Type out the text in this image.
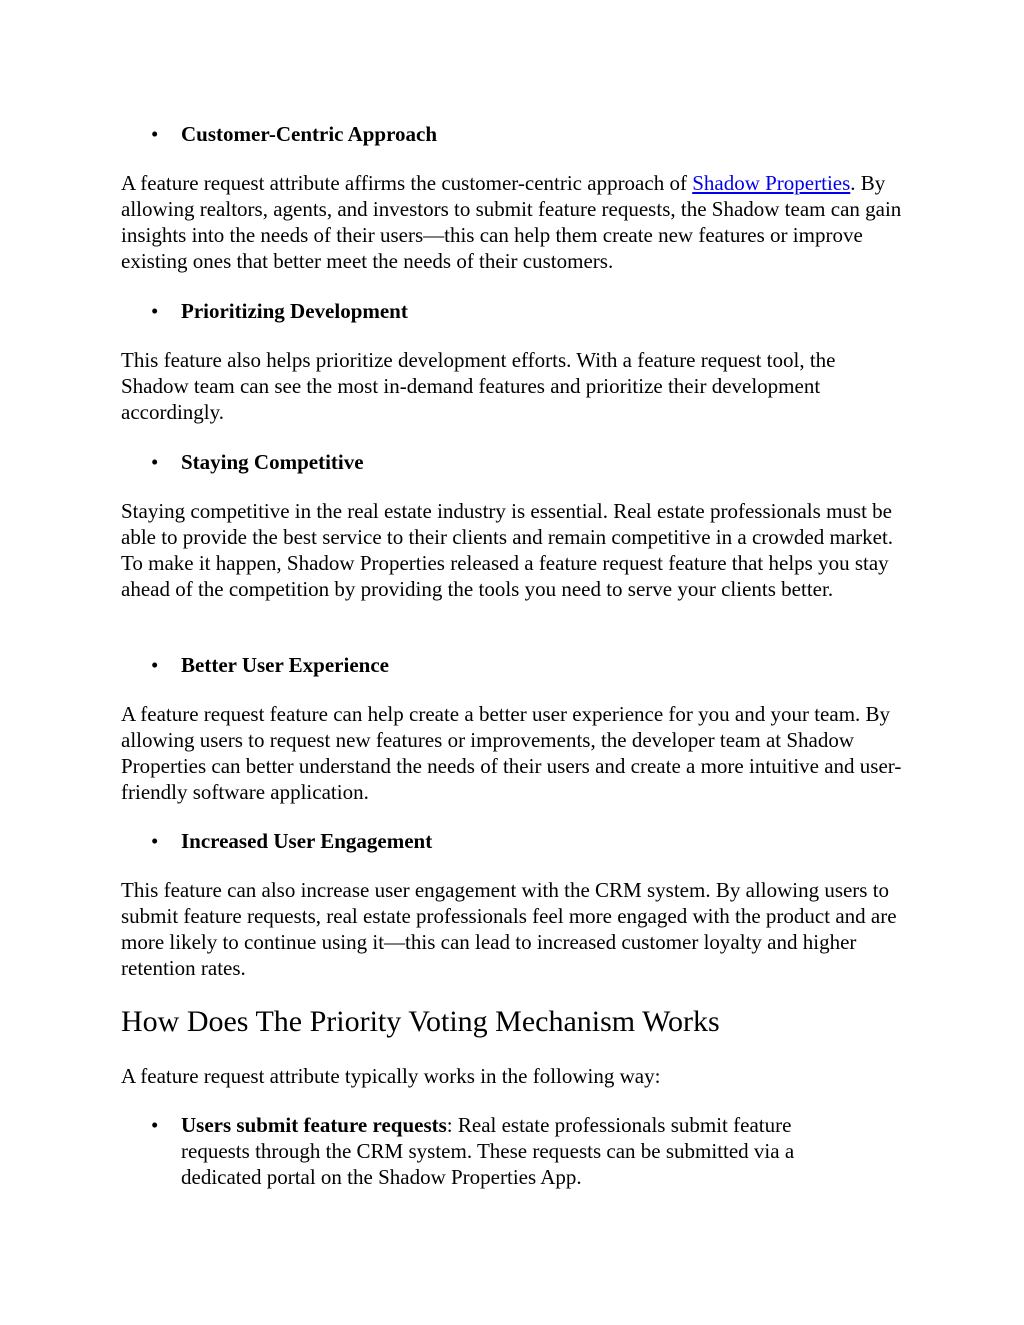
• Customer-Centric Approach

A feature request attribute affirms the customer-centric approach of Shadow Properties. By allowing realtors, agents, and investors to submit feature requests, the Shadow team can gain insights into the needs of their users—this can help them create new features or improve existing ones that better meet the needs of their customers.

• Prioritizing Development

This feature also helps prioritize development efforts. With a feature request tool, the Shadow team can see the most in-demand features and prioritize their development accordingly.

• Staying Competitive

Staying competitive in the real estate industry is essential. Real estate professionals must be able to provide the best service to their clients and remain competitive in a crowded market. To make it happen, Shadow Properties released a feature request feature that helps you stay ahead of the competition by providing the tools you need to serve your clients better.

• Better User Experience

A feature request feature can help create a better user experience for you and your team. By allowing users to request new features or improvements, the developer team at Shadow Properties can better understand the needs of their users and create a more intuitive and user-friendly software application.

• Increased User Engagement

This feature can also increase user engagement with the CRM system. By allowing users to submit feature requests, real estate professionals feel more engaged with the product and are more likely to continue using it—this can lead to increased customer loyalty and higher retention rates.

How Does The Priority Voting Mechanism Works

A feature request attribute typically works in the following way:

• Users submit feature requests: Real estate professionals submit feature requests through the CRM system. These requests can be submitted via a dedicated portal on the Shadow Properties App.
